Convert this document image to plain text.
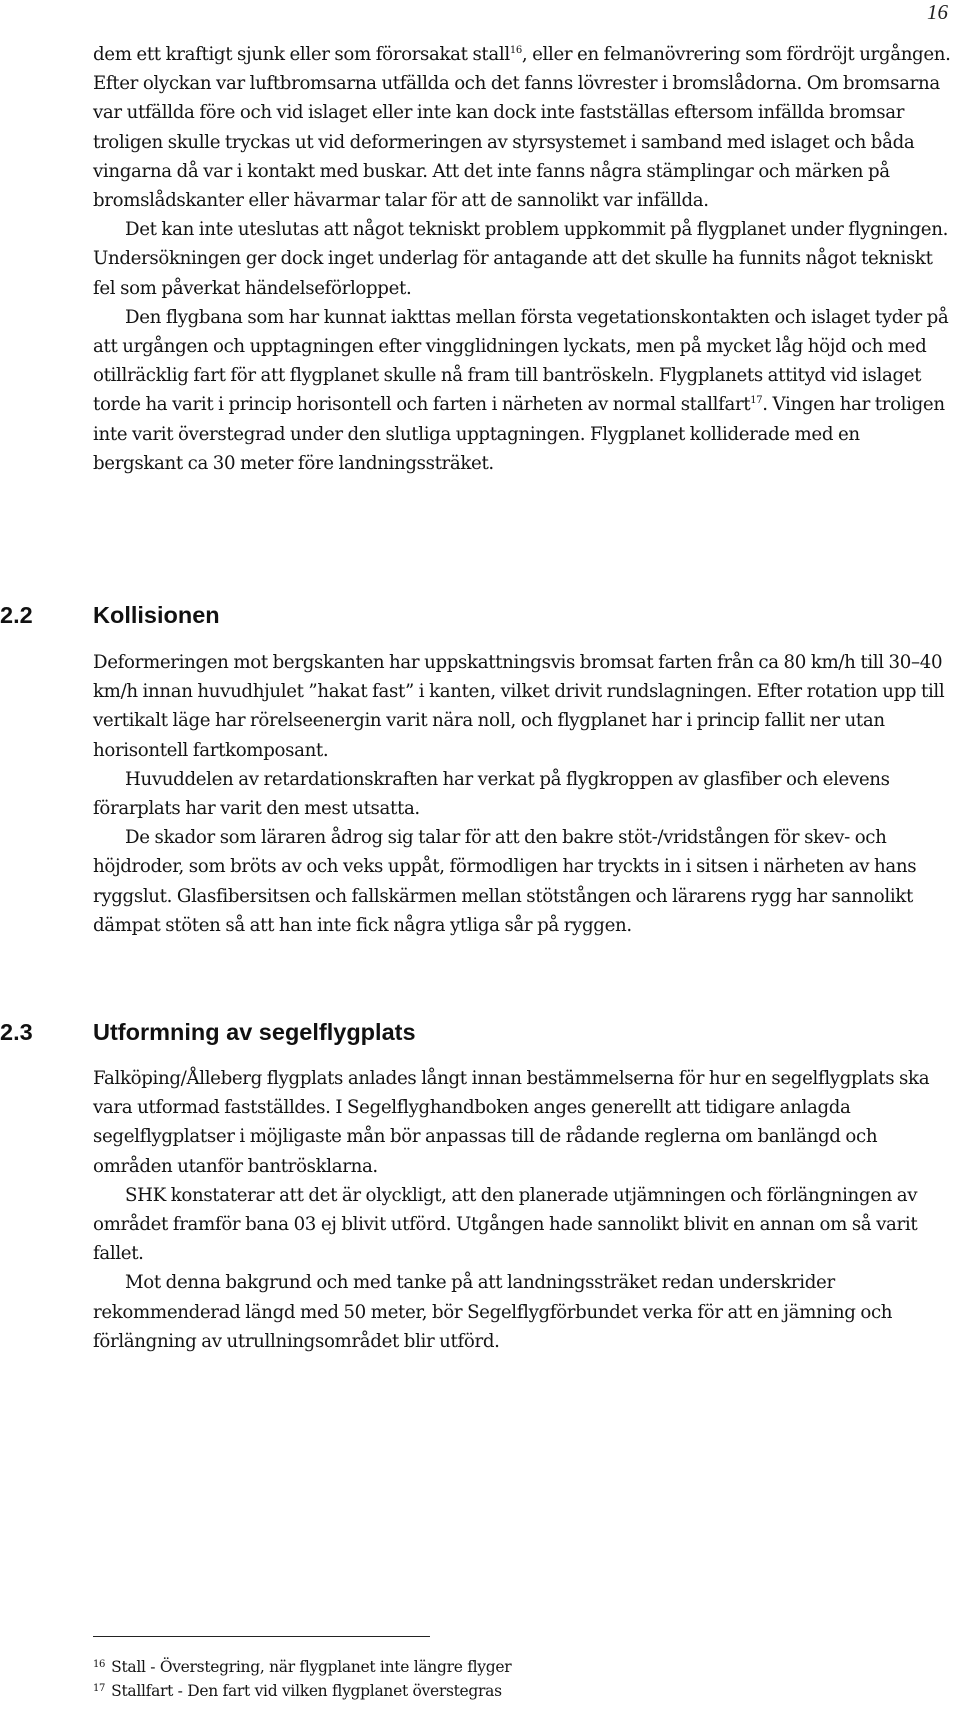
16

dem ett kraftigt sjunk eller som förorsakat stall$^{16}$, eller en felmanövrering som fördröjt urgången. Efter olyckan var luftbromsarna utfällda och det fanns lövrester i bromslådorna. Om bromsarna var utfällda före och vid islaget eller inte kan dock inte fastställas eftersom infällda bromsar troligen skulle tryckas ut vid deformeringen av styrsystemet i samband med islaget och båda vingarna då var i kontakt med buskar. Att det inte fanns några stämplingar och märken på bromslådskanter eller hävarmar talar för att de sannolikt var infällda.

Det kan inte uteslutas att något tekniskt problem uppkommit på flygplanet under flygningen. Undersökningen ger dock inget underlag för antagande att det skulle ha funnits något tekniskt fel som påverkat händelseförloppet.

Den flygbana som har kunnat iakttas mellan första vegetationskontakten och islaget tyder på att urgången och upptagningen efter vingglidningen lyckats, men på mycket låg höjd och med otillräcklig fart för att flygplanet skulle nå fram till bantröskeln. Flygplanets attityd vid islaget torde ha varit i princip horisontell och farten i närheten av normal stallfart$^{17}$. Vingen har troligen inte varit överstegrad under den slutliga upptagningen. Flygplanet kolliderade med en bergskant ca 30 meter före landningssträket.

2.2	Kollisionen

Deformeringen mot bergskanten har uppskattningsvis bromsat farten från ca 80 km/h till 30–40 km/h innan huvudhjulet ”hakat fast” i kanten, vilket drivit rundslagningen. Efter rotation upp till vertikalt läge har rörelseenergin varit nära noll, och flygplanet har i princip fallit ner utan horisontell fartkomposant.

Huvuddelen av retardationskraften har verkat på flygkroppen av glasfiber och elevens förarplats har varit den mest utsatta.

De skador som läraren ådrog sig talar för att den bakre stöt-/vridstången för skev- och höjdroder, som bröts av och veks uppåt, förmodligen har tryckts in i sitsen i närheten av hans ryggslut. Glasfibersitsen och fallskärmen mellan stötstången och lärarens rygg har sannolikt dämpat stöten så att han inte fick några ytliga sår på ryggen.

2.3	Utformning av segelflygplats

Falköping/Ålleberg flygplats anlades långt innan bestämmelserna för hur en segelflygplats ska vara utformad fastställdes. I Segelflyghandboken anges generellt att tidigare anlagda segelflygplatser i möjligaste mån bör anpassas till de rådande reglerna om banlängd och områden utanför bantrösklarna.

SHK konstaterar att det är olyckligt, att den planerade utjämningen och förlängningen av området framför bana 03 ej blivit utförd. Utgången hade sannolikt blivit en annan om så varit fallet.

Mot denna bakgrund och med tanke på att landningssträket redan underskrider rekommenderad längd med 50 meter, bör Segelflygförbundet verka för att en jämning och förlängning av utrullningsområdet blir utförd.

$^{16}$ Stall - Överstegring, när flygplanet inte längre flyger
$^{17}$ Stallfart - Den fart vid vilken flygplanet överstegras
